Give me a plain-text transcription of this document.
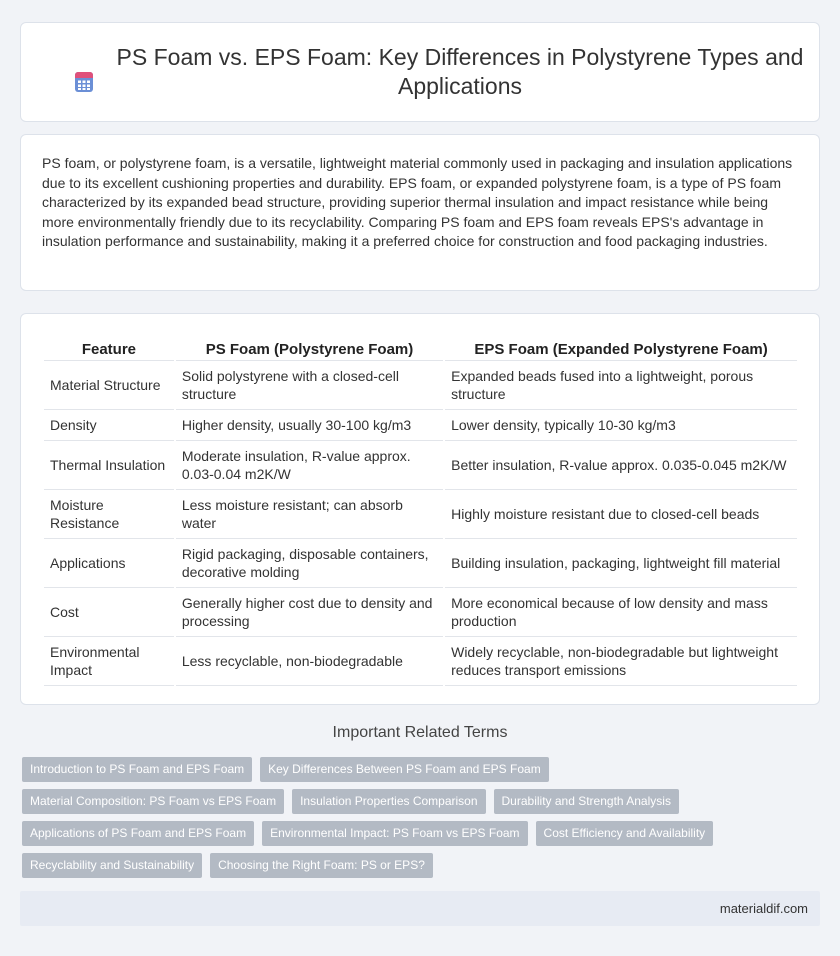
PS Foam vs. EPS Foam: Key Differences in Polystyrene Types and Applications

PS foam, or polystyrene foam, is a versatile, lightweight material commonly used in packaging and insulation applications due to its excellent cushioning properties and durability. EPS foam, or expanded polystyrene foam, is a type of PS foam characterized by its expanded bead structure, providing superior thermal insulation and impact resistance while being more environmentally friendly due to its recyclability. Comparing PS foam and EPS foam reveals EPS's advantage in insulation performance and sustainability, making it a preferred choice for construction and food packaging industries.

Feature	PS Foam (Polystyrene Foam)	EPS Foam (Expanded Polystyrene Foam)
Material Structure	Solid polystyrene with a closed-cell structure	Expanded beads fused into a lightweight, porous structure
Density	Higher density, usually 30-100 kg/m3	Lower density, typically 10-30 kg/m3
Thermal Insulation	Moderate insulation, R-value approx. 0.03-0.04 m2K/W	Better insulation, R-value approx. 0.035-0.045 m2K/W
Moisture Resistance	Less moisture resistant; can absorb water	Highly moisture resistant due to closed-cell beads
Applications	Rigid packaging, disposable containers, decorative molding	Building insulation, packaging, lightweight fill material
Cost	Generally higher cost due to density and processing	More economical because of low density and mass production
Environmental Impact	Less recyclable, non-biodegradable	Widely recyclable, non-biodegradable but lightweight reduces transport emissions
Important Related Terms
Introduction to PS Foam and EPS Foam	Key Differences Between PS Foam and EPS Foam
Material Composition: PS Foam vs EPS Foam	Insulation Properties Comparison	Durability and Strength Analysis
Applications of PS Foam and EPS Foam	Environmental Impact: PS Foam vs EPS Foam	Cost Efficiency and Availability
Recyclability and Sustainability	Choosing the Right Foam: PS or EPS?
materialdif.com
